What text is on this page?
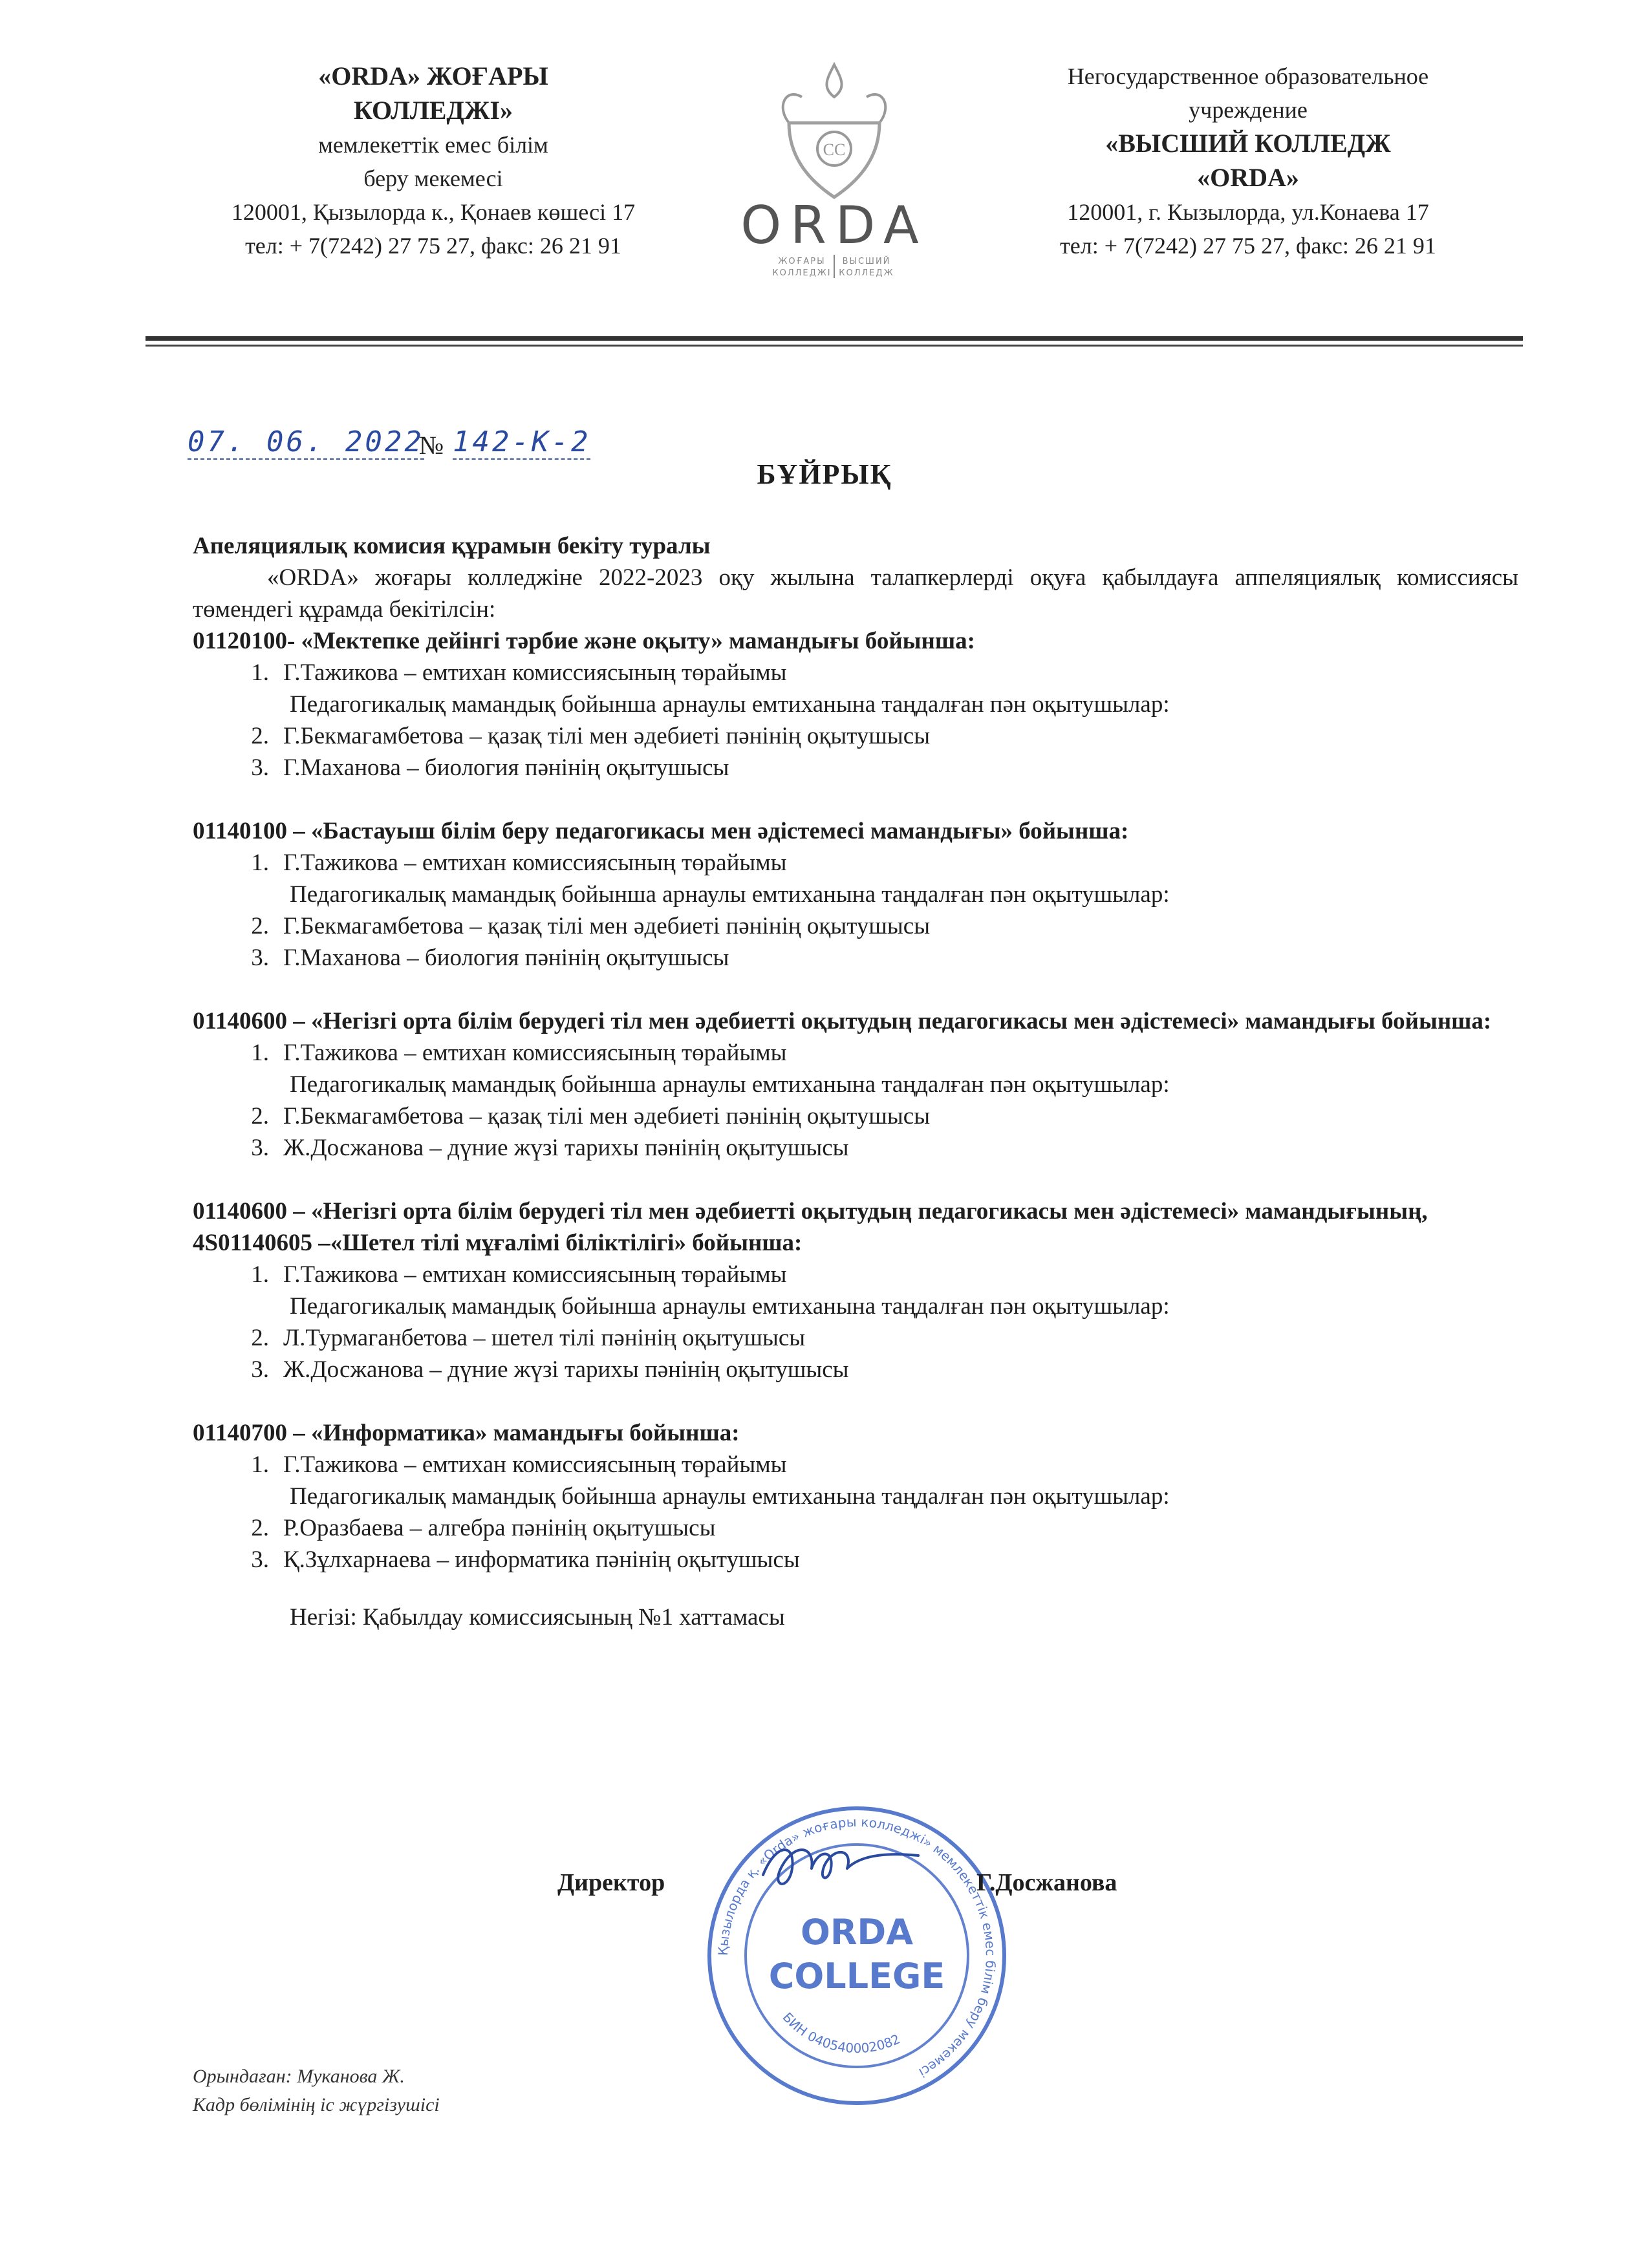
«ORDA» ЖОҒАРЫ
КОЛЛЕДЖІ»
мемлекеттік емес білім
беру мекемесі
120001, Қызылорда к., Қонаев көшесі 17
тел: + 7(7242) 27 75 27, факс: 26 21 91
CC
ORDA
ЖОҒАРЫ
КОЛЛЕДЖІ
ВЫСШИЙ
КОЛЛЕДЖ
Негосударственное образовательное
учреждение
«ВЫСШИЙ КОЛЛЕДЖ
«ORDA»
120001, г. Кызылорда, ул.Конаева 17
тел: + 7(7242) 27 75 27, факс: 26 21 91
07. 06. 2022
№ 142-K-2
БҰЙРЫҚ

Апеляциялық комисия құрамын бекіту туралы

«ORDA» жоғары колледжіне 2022-2023 оқу жылына талапкерлерді оқуға қабылдауға аппеляциялық комиссиясы төмендегі құрамда бекітілсін:

01120100- «Мектепке дейінгі тәрбие және оқыту» мамандығы бойынша:

1. Г.Тажикова – емтихан комиссиясының төрайымы

Педагогикалық мамандық бойынша арнаулы емтиханына таңдалған пән оқытушылар:

2. Г.Бекмагамбетова – қазақ тілі мен әдебиеті пәнінің оқытушысы
3. Г.Маханова – биология пәнінің оқытушысы

01140100 – «Бастауыш білім беру педагогикасы мен әдістемесі мамандығы» бойынша:

1. Г.Тажикова – емтихан комиссиясының төрайымы

Педагогикалық мамандық бойынша арнаулы емтиханына таңдалған пән оқытушылар:

2. Г.Бекмагамбетова – қазақ тілі мен әдебиеті пәнінің оқытушысы
3. Г.Маханова – биология пәнінің оқытушысы

01140600 – «Негізгі орта білім берудегі тіл мен әдебиетті оқытудың педагогикасы мен әдістемесі» мамандығы бойынша:

1. Г.Тажикова – емтихан комиссиясының төрайымы

Педагогикалық мамандық бойынша арнаулы емтиханына таңдалған пән оқытушылар:

2. Г.Бекмагамбетова – қазақ тілі мен әдебиеті пәнінің оқытушысы
3. Ж.Досжанова – дүние жүзі тарихы пәнінің оқытушысы

01140600 – «Негізгі орта білім берудегі тіл мен әдебиетті оқытудың педагогикасы мен әдістемесі» мамандығының, 4S01140605 –«Шетел тілі мұғалімі біліктілігі» бойынша:

1. Г.Тажикова – емтихан комиссиясының төрайымы

Педагогикалық мамандық бойынша арнаулы емтиханына таңдалған пән оқытушылар:

2. Л.Турмаганбетова – шетел тілі пәнінің оқытушысы
3. Ж.Досжанова – дүние жүзі тарихы пәнінің оқытушысы

01140700 – «Информатика» мамандығы бойынша:

1. Г.Тажикова – емтихан комиссиясының төрайымы

Педагогикалық мамандық бойынша арнаулы емтиханына таңдалған пән оқытушылар:

2. Р.Оразбаева – алгебра пәнінің оқытушысы
3. Қ.Зұлхарнаева – информатика пәнінің оқытушысы

Негізі: Қабылдау комиссиясының №1 хаттамасы

Директор
Қызылорда қ. «Orda» жоғары колледжі» мемлекеттік емес білім беру мекемесі
БИН 040540002082
ORDA
COLLEGE
Г.Досжанова
Орындаған: Муканова Ж.
Кадр бөлімінің іс жүргізушісі
